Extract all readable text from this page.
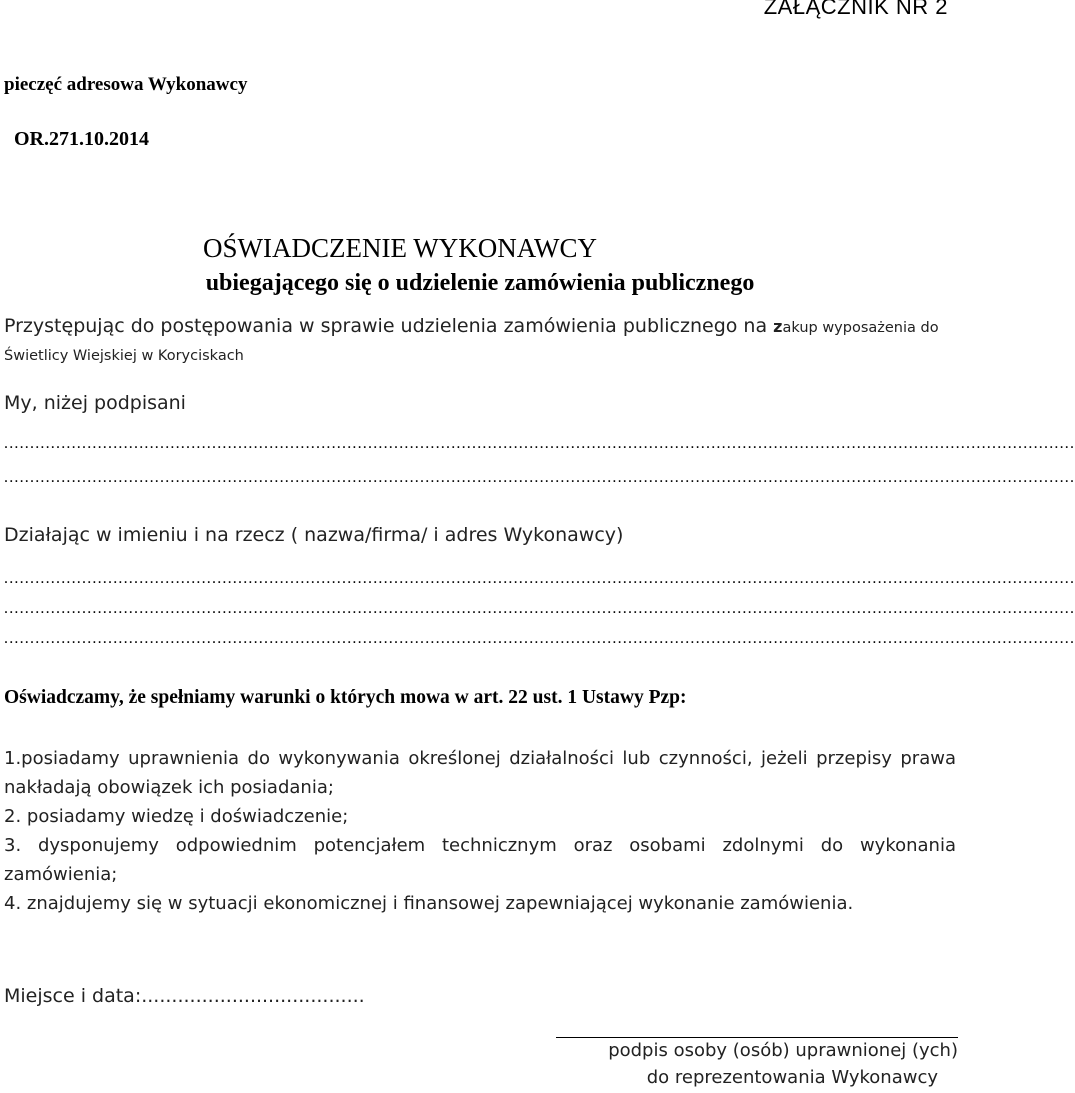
ZAŁĄCZNIK NR 2
pieczęć adresowa Wykonawcy
OR.271.10.2014
OŚWIADCZENIE WYKONAWCY
ubiegającego się o udzielenie zamówienia publicznego
Przystępując do postępowania w sprawie udzielenia zamówienia publicznego na zakup wyposażenia do Świetlicy Wiejskiej w Koryciskach
My, niżej podpisani
..............................................................................................................................................................................................................
..............................................................................................................................................................................................................
Działając w imieniu i na rzecz ( nazwa/firma/ i adres Wykonawcy)
..............................................................................................................................................................................................................
..............................................................................................................................................................................................................
..............................................................................................................................................................................................................
Oświadczamy, że spełniamy warunki o których mowa w art. 22 ust. 1 Ustawy Pzp:
1.posiadamy uprawnienia do wykonywania określonej działalności lub czynności, jeżeli przepisy prawa nakładają obowiązek ich posiadania;
2. posiadamy wiedzę i doświadczenie;
3. dysponujemy odpowiednim potencjałem technicznym oraz osobami zdolnymi do wykonania zamówienia;
4. znajdujemy się w sytuacji ekonomicznej i finansowej zapewniającej wykonanie zamówienia.
Miejsce i data:.....................................
podpis osoby (osób) uprawnionej (ych)
do reprezentowania Wykonawcy
